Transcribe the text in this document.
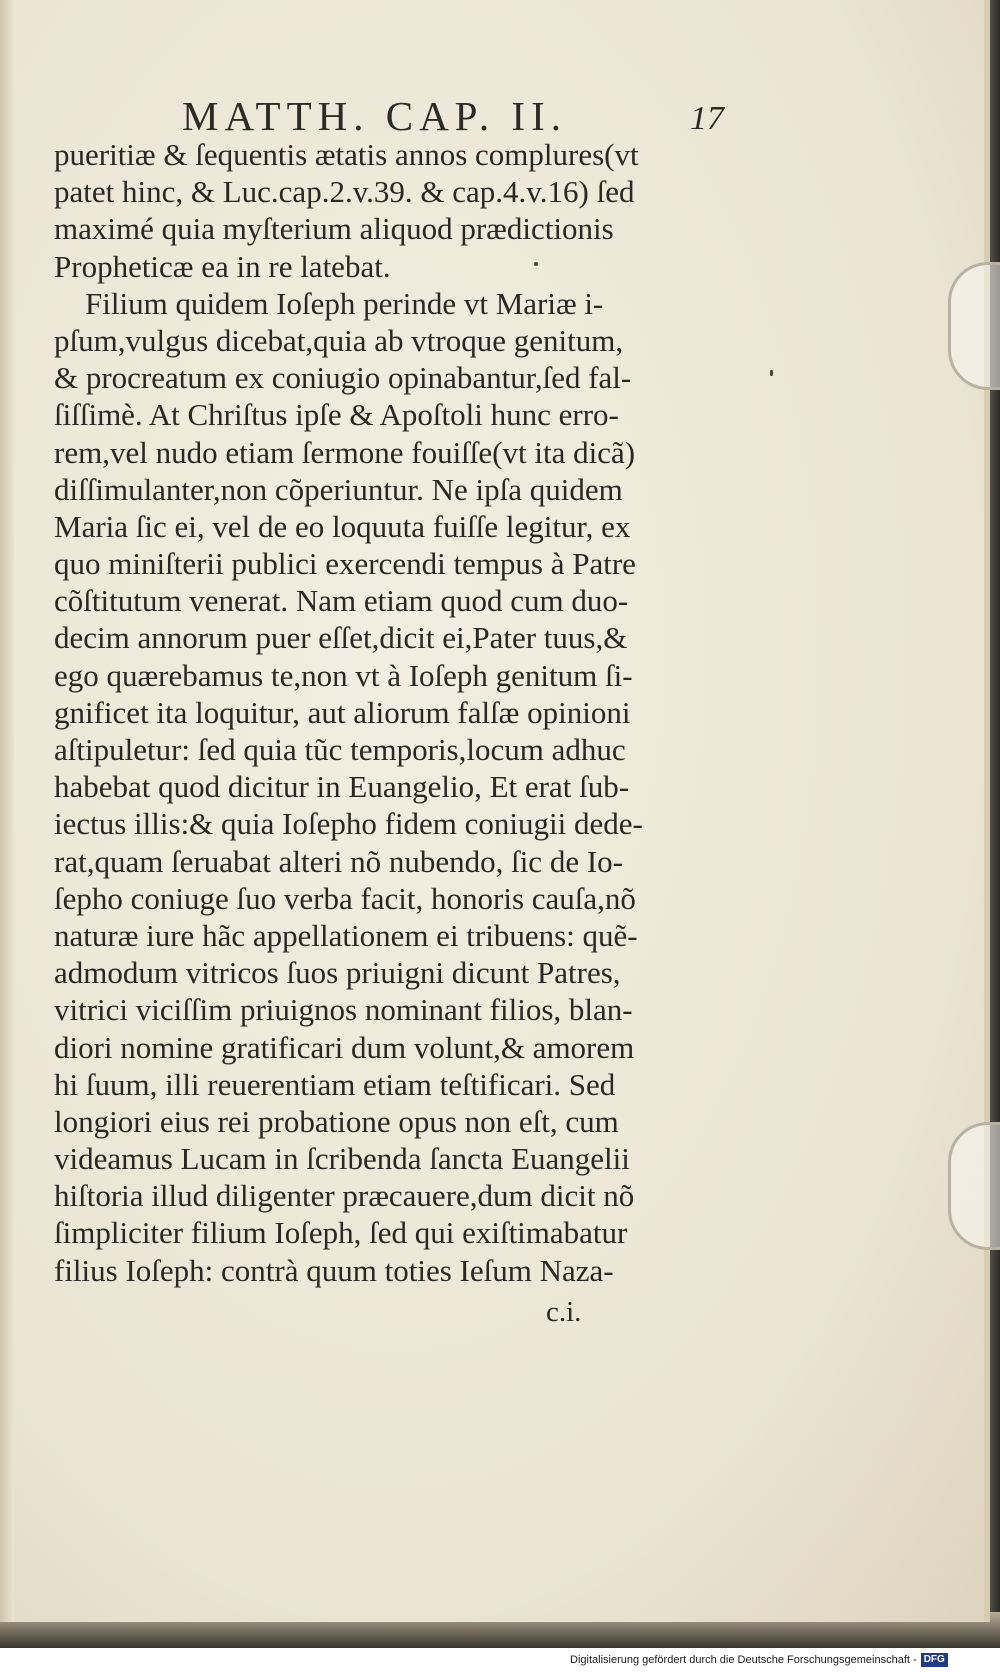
MATTH. CAP. II.	17
pueritiæ & ſequentis ætatis annos complures(vt
patet hinc, & Luc.cap.2.v.39. & cap.4.v.16) ſed
maximé quia myſterium aliquod prædictionis
Propheticæ ea in re latebat.
Filium quidem Ioſeph perinde vt Mariæ i-
pſum,vulgus dicebat,quia ab vtroque genitum,
& procreatum ex coniugio opinabantur,ſed fal-
ſiſſimè. At Chriſtus ipſe & Apoſtoli hunc erro-
rem,vel nudo etiam ſermone fouiſſe(vt ita dicã)
diſſimulanter,non cõperiuntur. Ne ipſa quidem
Maria ſic ei, vel de eo loquuta fuiſſe legitur, ex
quo miniſterii publici exercendi tempus à Patre
cõſtitutum venerat. Nam etiam quod cum duo-
decim annorum puer eſſet,dicit ei,Pater tuus,&
ego quærebamus te,non vt à Ioſeph genitum ſi-
gnificet ita loquitur, aut aliorum falſæ opinioni
aſtipuletur: ſed quia tũc temporis,locum adhuc
habebat quod dicitur in Euangelio, Et erat ſub-
iectus illis:& quia Ioſepho fidem coniugii dede-
rat,quam ſeruabat alteri nõ nubendo, ſic de Io-
ſepho coniuge ſuo verba facit, honoris cauſa,nõ
naturæ iure hãc appellationem ei tribuens: quẽ-
admodum vitricos ſuos priuigni dicunt Patres,
vitrici viciſſim priuignos nominant filios, blan-
diori nomine gratificari dum volunt,& amorem
hi ſuum, illi reuerentiam etiam teſtificari. Sed
longiori eius rei probatione opus non eſt, cum
videamus Lucam in ſcribenda ſancta Euangelii
hiſtoria illud diligenter præcauere,dum dicit nõ
ſimpliciter filium Ioſeph, ſed qui exiſtimabatur
filius Ioſeph: contrà quum toties Ieſum Naza-
c.i.
Digitalisierung gefördert durch die Deutsche Forschungsgemeinschaft - DFG
